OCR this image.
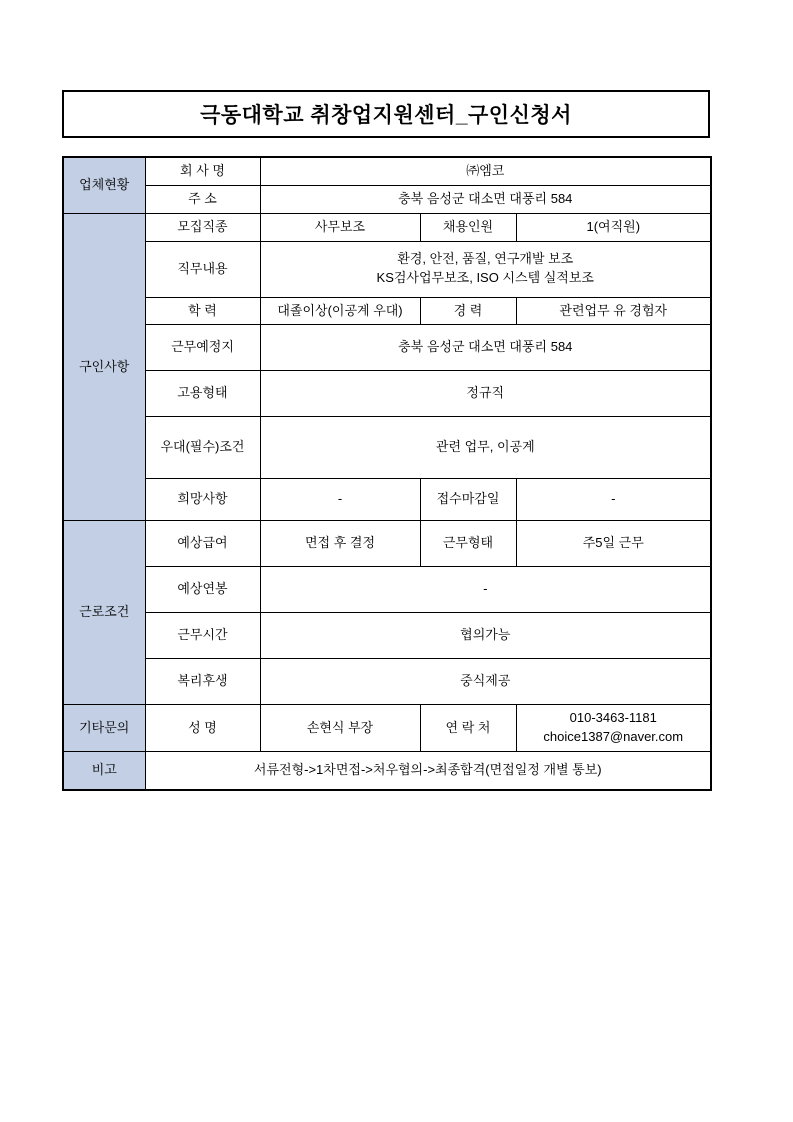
극동대학교 취창업지원센터_구인신청서
업체현황	회 사 명	㈜엠코		
	주 소	충북 음성군 대소면 대풍리 584		
구인사항	모집직종	사무보조	채용인원	1(여직원)
	직무내용	환경, 안전, 품질, 연구개발 보조
KS검사업무보조, ISO 시스템 실적보조		

	학 력	대졸이상(이공계 우대)	경 력	관련업무 유 경험자
	근무예정지	충북 음성군 대소면 대풍리 584		
	고용형태	정규직		
	우대(필수)조건	관련 업무, 이공계		
	희망사항	-	접수마감일	-
근로조건	예상급여	면접 후 결정	근무형태	주5일 근무
	예상연봉	-		
	근무시간	협의가능		
	복리후생	중식제공		
기타문의	성 명	손현식 부장	연 락 처	010-3463-1181
choice1387@naver.com

비고	서류전형->1차면접->처우협의->최종합격(면접일정 개별 통보)			
